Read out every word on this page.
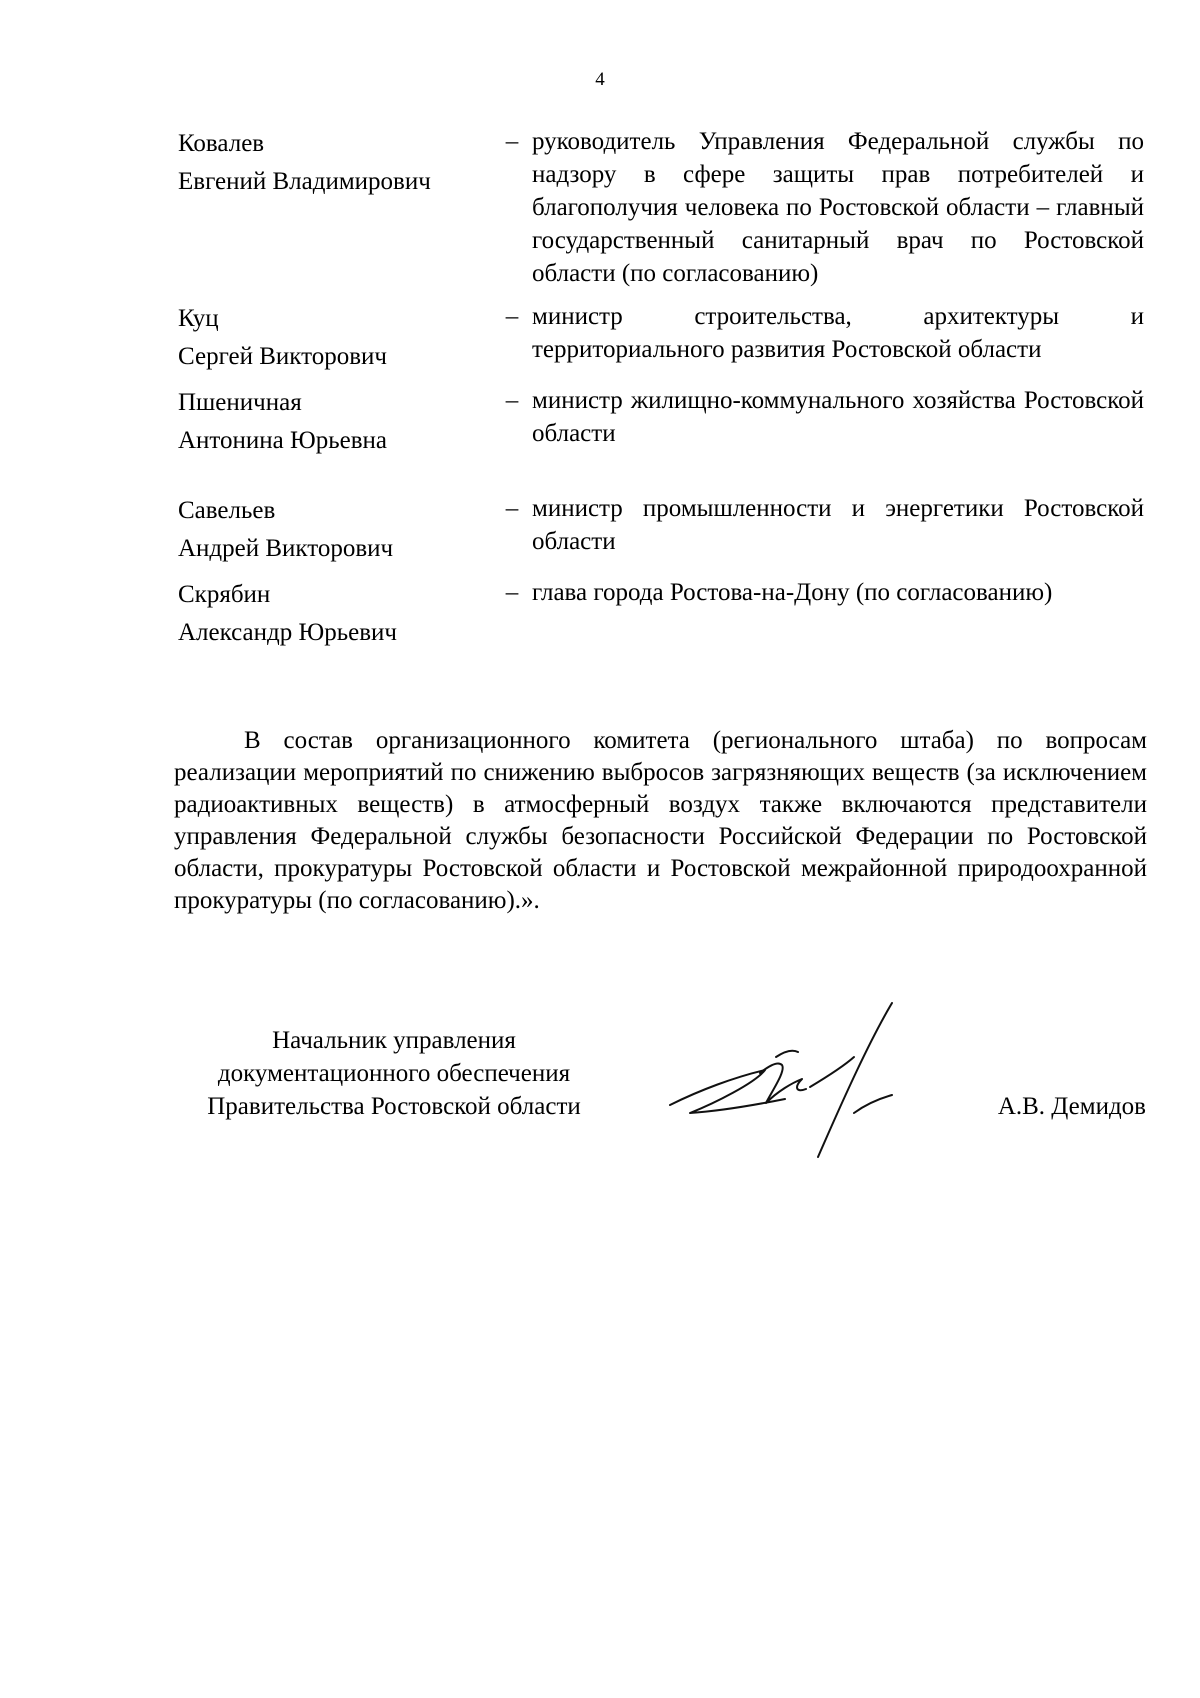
4
Ковалев
Евгений Владимирович
– руководитель Управления Федеральной службы по надзору в сфере защиты прав потребителей и благополучия человека по Ростовской области – главный государственный санитарный врач по Ростовской области (по согласованию)
Куц
Сергей Викторович
– министр строительства, архитектуры и территориального развития Ростовской области
Пшеничная
Антонина Юрьевна
– министр жилищно-коммунального хозяйства Ростовской области
Савельев
Андрей Викторович
– министр промышленности и энергетики Ростовской области
Скрябин
Александр Юрьевич
– глава города Ростова-на-Дону (по согласованию)

В состав организационного комитета (регионального штаба) по вопросам реализации мероприятий по снижению выбросов загрязняющих веществ (за исключением радиоактивных веществ) в атмосферный воздух также включаются представители управления Федеральной службы безопасности Российской Федерации по Ростовской области, прокуратуры Ростовской области и Ростовской межрайонной природоохранной прокуратуры (по согласованию).».

Начальник управления
документационного обеспечения
Правительства Ростовской области	А.В. Демидов
